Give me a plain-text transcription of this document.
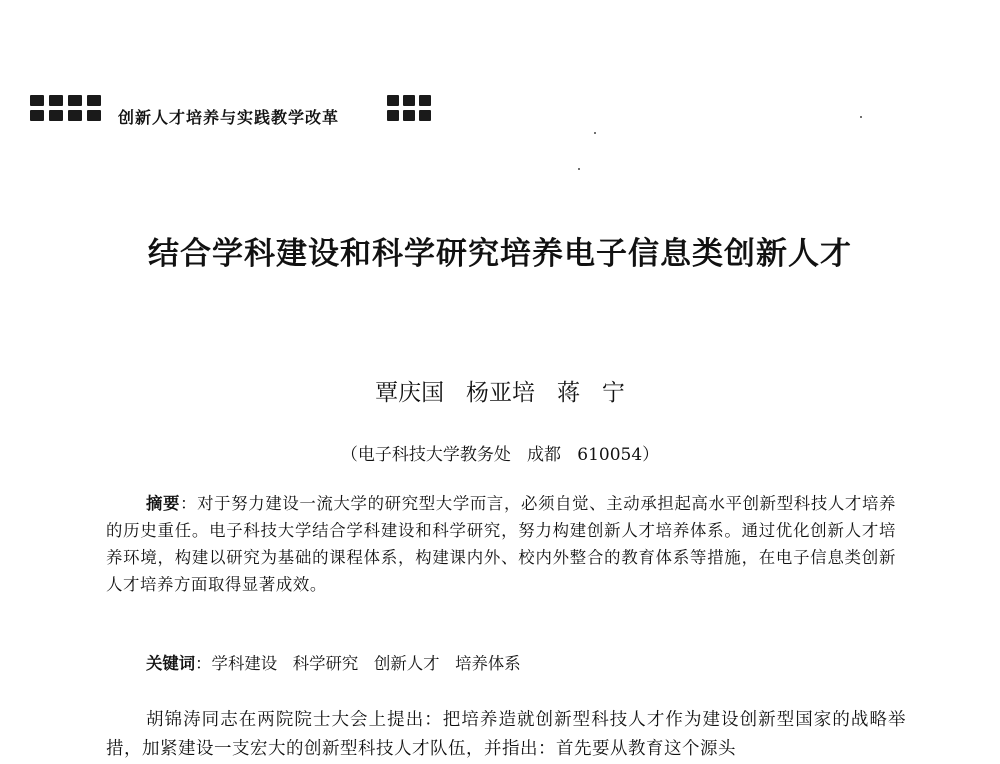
创新人才培养与实践教学改革
结合学科建设和科学研究培养电子信息类创新人才
覃庆国   杨亚培   蒋   宁
（电子科技大学教务处   成都   610054）

摘要：对于努力建设一流大学的研究型大学而言，必须自觉、主动承担起高水平创新型科技人才培养的历史重任。电子科技大学结合学科建设和科学研究，努力构建创新人才培养体系。通过优化创新人才培养环境，构建以研究为基础的课程体系，构建课内外、校内外整合的教育体系等措施，在电子信息类创新人才培养方面取得显著成效。

关键词：学科建设   科学研究   创新人才   培养体系

胡锦涛同志在两院院士大会上提出：把培养造就创新型科技人才作为建设创新型国家的战略举措，加紧建设一支宏大的创新型科技人才队伍，并指出：首先要从教育这个源头
